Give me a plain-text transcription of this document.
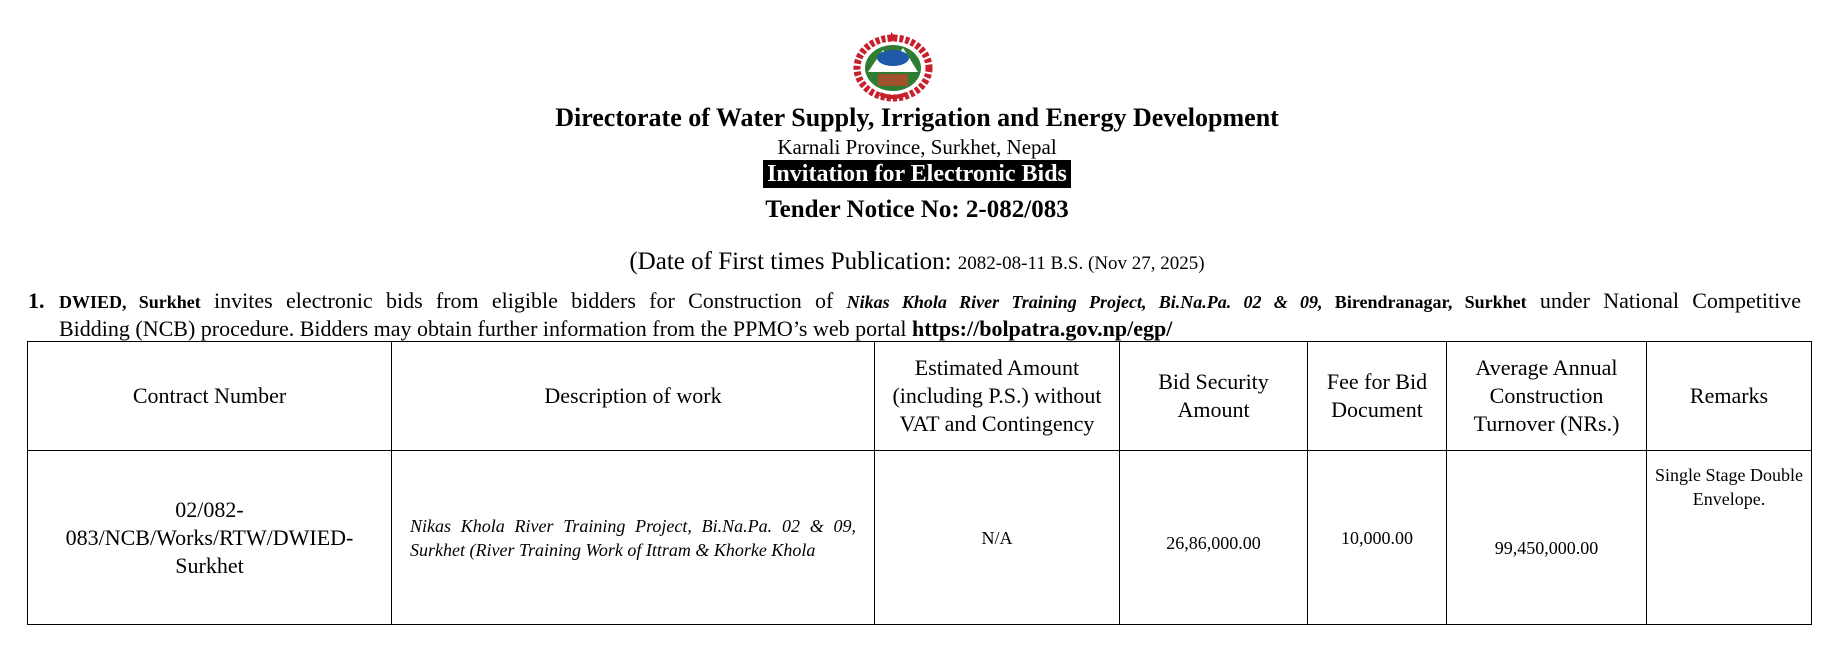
Directorate of Water Supply, Irrigation and Energy Development
Karnali Province, Surkhet, Nepal
Invitation for Electronic Bids
Tender Notice No: 2-082/083
(Date of First times Publication: 2082-08-11 B.S. (Nov 27, 2025)
1. DWIED, Surkhet invites electronic bids from eligible bidders for Construction of Nikas Khola River Training Project, Bi.Na.Pa. 02 & 09, Birendranagar, Surkhet under National Competitive
Bidding (NCB) procedure. Bidders may obtain further information from the PPMO’s web portal https://bolpatra.gov.np/egp/
Contract Number	Description of work	Estimated Amount (including P.S.) without VAT and Contingency	Bid Security Amount	Fee for Bid Document	Average Annual Construction Turnover (NRs.)	Remarks
02/082-083/NCB/Works/RTW/DWIED-Surkhet	Nikas Khola River Training Project, Bi.Na.Pa. 02 & 09, Surkhet (River Training Work of Ittram & Khorke Khola	N/A	26,86,000.00	10,000.00	99,450,000.00	Single Stage Double Envelope.
